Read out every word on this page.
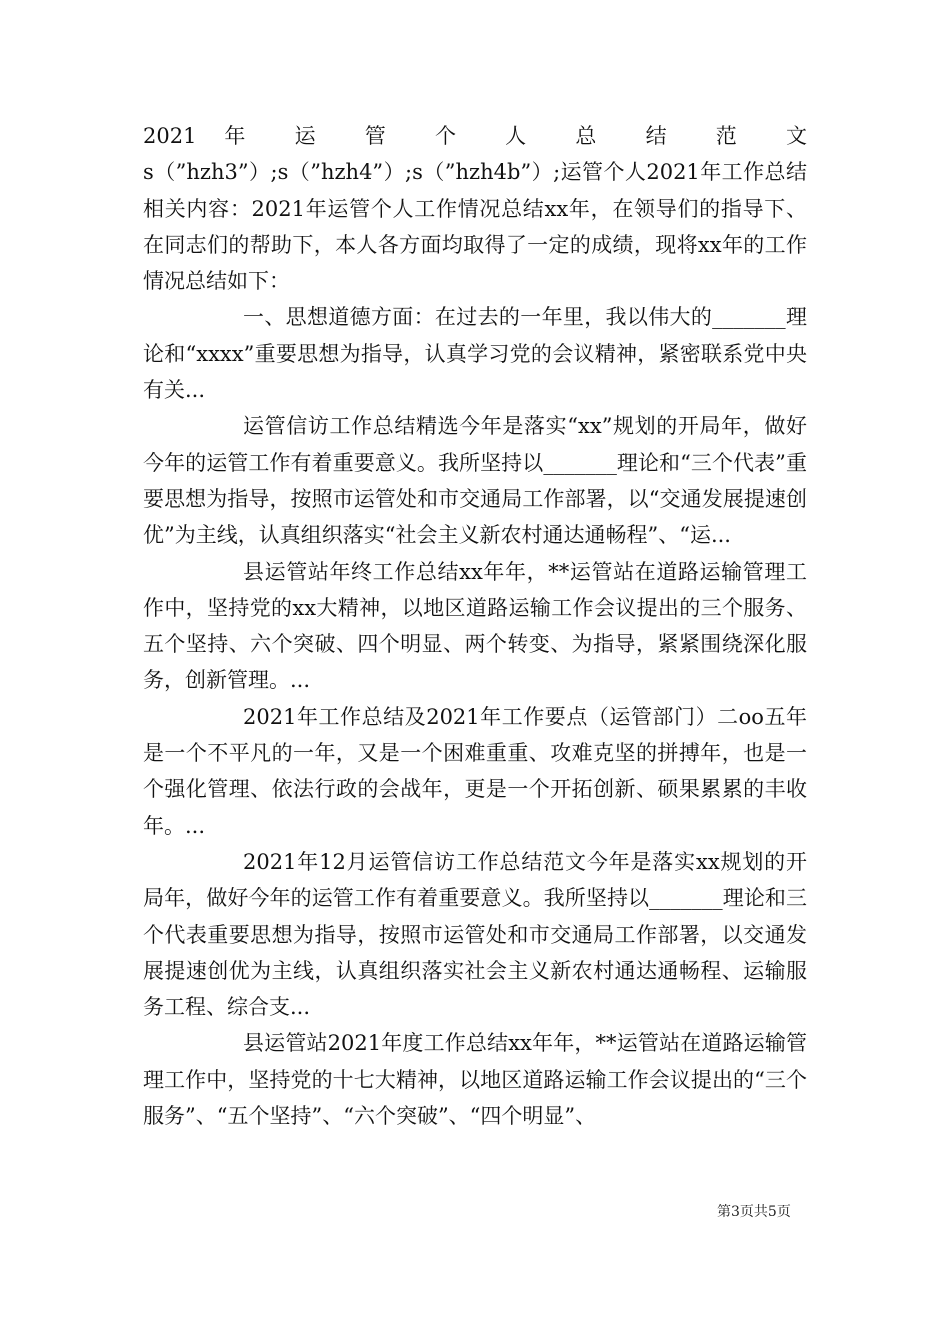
2021 年 运 管 个 人 总 结 范 文

s（”hzh3”）;s（”hzh4”）;s（”hzh4b”）;运管个人2021年工作总结相关内容：2021年运管个人工作情况总结xx年，在领导们的指导下、在同志们的帮助下，本人各方面均取得了一定的成绩，现将xx年的工作情况总结如下：

一、思想道德方面：在过去的一年里，我以伟大的_______理论和“xxxx”重要思想为指导，认真学习党的会议精神，紧密联系党中央有关...

运管信访工作总结精选今年是落实“xx”规划的开局年，做好今年的运管工作有着重要意义。我所坚持以_______理论和“三个代表”重要思想为指导，按照市运管处和市交通局工作部署，以“交通发展提速创优”为主线，认真组织落实“社会主义新农村通达通畅程”、“运...

县运管站年终工作总结xx年年，**运管站在道路运输管理工作中，坚持党的xx大精神，以地区道路运输工作会议提出的三个服务、五个坚持、六个突破、四个明显、两个转变、为指导，紧紧围绕深化服务，创新管理。...

2021年工作总结及2021年工作要点（运管部门）二oo五年是一个不平凡的一年，又是一个困难重重、攻难克坚的拼搏年，也是一个强化管理、依法行政的会战年，更是一个开拓创新、硕果累累的丰收年。...

2021年12月运管信访工作总结范文今年是落实xx规划的开局年，做好今年的运管工作有着重要意义。我所坚持以_______理论和三个代表重要思想为指导，按照市运管处和市交通局工作部署，以交通发展提速创优为主线，认真组织落实社会主义新农村通达通畅程、运输服务工程、综合支...

县运管站2021年度工作总结xx年年，**运管站在道路运输管理工作中，坚持党的十七大精神，以地区道路运输工作会议提出的“三个服务”、“五个坚持”、“六个突破”、“四个明显”、

第3页共5页
